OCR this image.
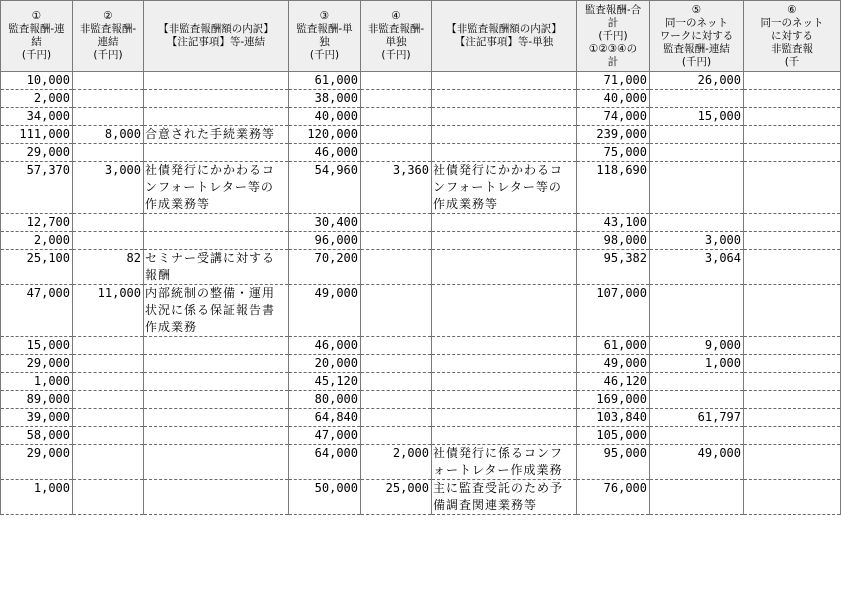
①
監査報酬-連
結
(千円)	②
非監査報酬-
連結
(千円)	【非監査報酬額の内訳】
【注記事項】等-連結	③
監査報酬-単
独
(千円)	④
非監査報酬-
単独
(千円)	【非監査報酬額の内訳】
【注記事項】等-単独	監査報酬-合
計
(千円)
①②③④の
計	⑤
同一のネット
ワークに対する
監査報酬-連結
(千円)	⑥
同一のネット
に対する
非監査報
(千

10,000			61,000			71,000	26,000	
2,000			38,000			40,000		
34,000			40,000			74,000	15,000	
111,000	8,000	合意された手続業務等	120,000			239,000		
29,000			46,000			75,000		
57,370	3,000	社債発行にかかわるコンフォートレター等の作成業務等	54,960	3,360	社債発行にかかわるコンフォートレター等の作成業務等	118,690		
12,700			30,400			43,100		
2,000			96,000			98,000	3,000	
25,100	82	セミナー受講に対する報酬	70,200			95,382	3,064	
47,000	11,000	内部統制の整備・運用状況に係る保証報告書作成業務	49,000			107,000		
15,000			46,000			61,000	9,000	
29,000			20,000			49,000	1,000	
1,000			45,120			46,120		
89,000			80,000			169,000		
39,000			64,840			103,840	61,797	
58,000			47,000			105,000		
29,000			64,000	2,000	社債発行に係るコンフォートレター作成業務	95,000	49,000	
1,000			50,000	25,000	主に監査受託のため予備調査関連業務等	76,000		
